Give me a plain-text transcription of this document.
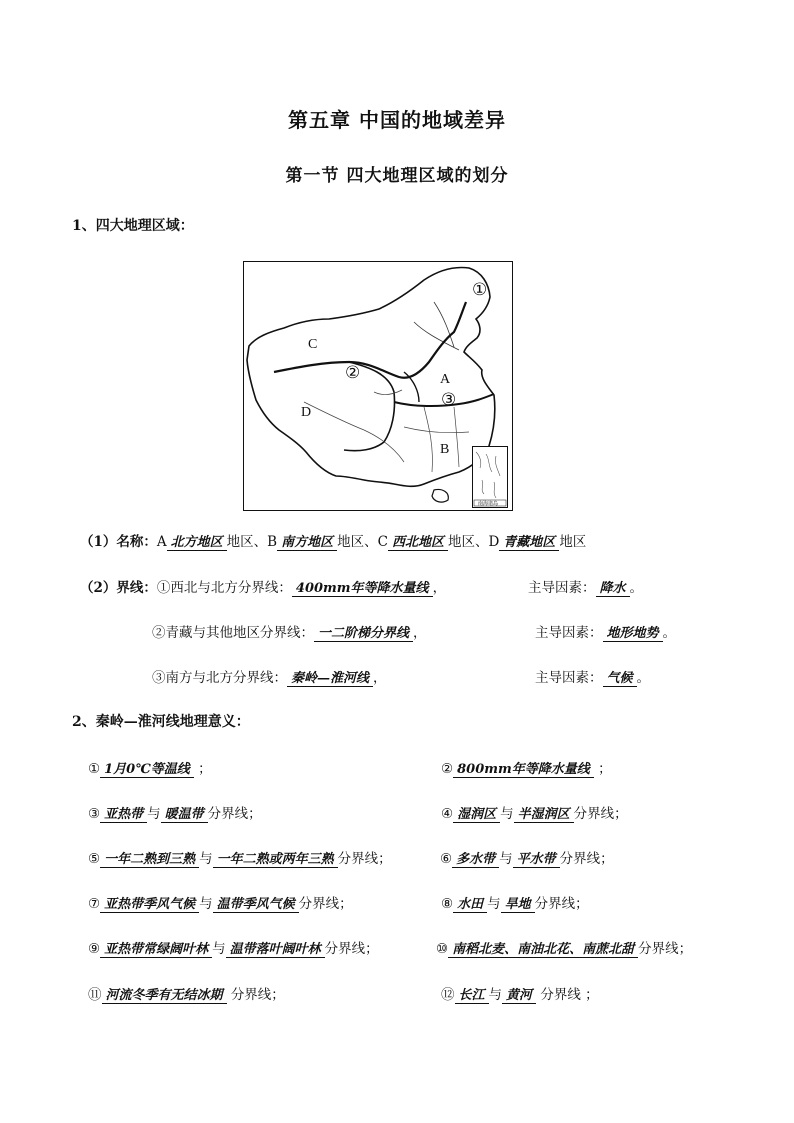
第五章 中国的地域差异
第一节 四大地理区域的划分
1、四大地理区域：
南海诸岛
C
D
A
B
①
②
③
（1）名称：A 北方地区 地区、B 南方地区 地区、C 西北地区 地区、D 青藏地区 地区
（2）界线：①西北与北方分界线： 400mm年等降水量线 ，	主导因素： 降水 。
②青藏与其他地区分界线： 一二阶梯分界线 ，	主导因素： 地形地势 。
③南方与北方分界线： 秦岭—淮河线 ，	主导因素： 气候 。
2、秦岭—淮河线地理意义：
① 1月0℃等温线 ；	② 800mm年等降水量线 ；
③ 亚热带 与 暖温带 分界线；	④ 湿润区 与 半湿润区 分界线；
⑤ 一年二熟到三熟 与 一年二熟或两年三熟 分界线；	⑥ 多水带 与 平水带 分界线；
⑦ 亚热带季风气候 与 温带季风气候 分界线；	⑧ 水田 与 旱地 分界线；
⑨ 亚热带常绿阔叶林 与 温带落叶阔叶林 分界线；	⑩ 南稻北麦、南油北花、南蔗北甜 分界线；
⑪ 河流冬季有无结冰期 分界线；	⑫ 长江 与 黄河 分界线 ；
